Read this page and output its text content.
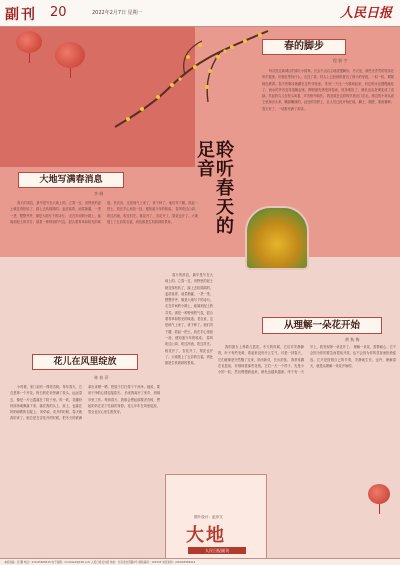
副刊 20	2022年2月7日 星期一	人民日报
聆听春天的足音
春的脚步
程 新 字

每次经过新城区的那片小树林，总会不由自主地放慢脚步。冬天里，那些光秃秃的枝条在风中摇曳，仿佛在等待什么。走近了看，枝头上已经悄悄冒出了细小的芽苞，一粒一粒，紧紧地包裹着。春天的脚步就藏在这些芽苞里。 阳光一天比一天暖和起来，河边的冰也慢慢融化了，流水的声音变得清脆起来。柳树最先感受到春意，枝条柔软了，颜色也由灰褐变成了浅绿。早起的鸟儿在枝头叫着，声音格外响亮。 我喜欢在这样的早晨出门走走。路边的小草从泥土里探出头来，嫩绿嫩绿的。远处的田野上，农人们已经开始忙碌，翻土、施肥、准备播种。春天来了，一切都充满了希望。

大地写满春消息
李 城

春天的消息，最早是写在大地上的。立春一过，田野里的泥土就变得松软了，踩上去软绵绵的。麦苗返青，油菜抽薹，一垄一垄，整整齐齐，像是大地写下的诗行。 走在乡间的小路上，能闻到泥土的芬芳。那是一种特别的气息，混合着青草和阳光的味道。老农说，这是地气上来了，该下种了。他们弯下腰，抓起一把土，放在手心里捻一捻，便知道今年的收成。 春风吹过山岗，吹过河流，吹过村庄。桃花开了，杏花开了，梨花也开了。大地披上了五彩的衣裳，到处都是生机勃勃的景象。

从理解一朵花开始
黄 秋 梅

我的窗台上养着几盆花。冬天的时候，它们安安静静的，叶子有些发黄，看起来没有什么生气。可是一到春天，它们就像是突然醒了过来，抽出新芽，长出花苞。 我常常蹲在花盆前，仔细地看那些花苞。它们一天一个样子，先是小小的一粒，然后慢慢鼓起来，颜色也越来越深。终于有一天早上，我发现第一朵花开了。 理解一朵花，需要耐心。它不会因为你的着急而提前开放，也不会因为你的忽视而拒绝绽放。它只是按照自己的节奏，安静地生长。也许，理解春天，就是从理解一朵花开始的。

春天的消息，最早是写在大地上的。立春一过，田野里的泥土就变得松软了，踩上去软绵绵的。麦苗返青，油菜抽薹，一垄一垄，整整齐齐，像是大地写下的诗行。 走在乡间的小路上，能闻到泥土的芬芳。那是一种特别的气息，混合着青草和阳光的味道。老农说，这是地气上来了，该下种了。他们弯下腰，抓起一把土，放在手心里捻一捻，便知道今年的收成。 春风吹过山岗，吹过河流，吹过村庄。桃花开了，杏花开了，梨花也开了。大地披上了五彩的衣裳，到处都是生机勃勃的景象。

花儿在风里绽放
林 春 萍

小时候，家门前有一棵老杏树。每年春天，它总是第一个开花。粉白的花朵挤满了枝头，远远望去，像是一片云霞落在了院子里。风一吹，花瓣纷纷扬扬地飘落下来，落在我的头上、肩上，也落在奶奶晾晒的衣服上。 奶奶说，花开的时候，春天就真的来了。她总是在杏花开的时候，把冬天的被褥拿出来晒一晒，把屋子打扫得干干净净。她说，要用干净的心情迎接春天。 后来我离开了家乡，到城市里工作。每到春天，我都会想起那棵老杏树，想起奶奶在花下忙碌的身影。花儿年年在风里绽放，思念也在心里生根发芽。

图片设计：赵彦文
大地
人民日报副刊
本版责编：张 鹏 电话：010-65368415 电子信箱：rmrbdadi@126.com 人民日报社出版 地址：北京金台西路2号 邮政编码：100733 电话查询：(010)65368114
